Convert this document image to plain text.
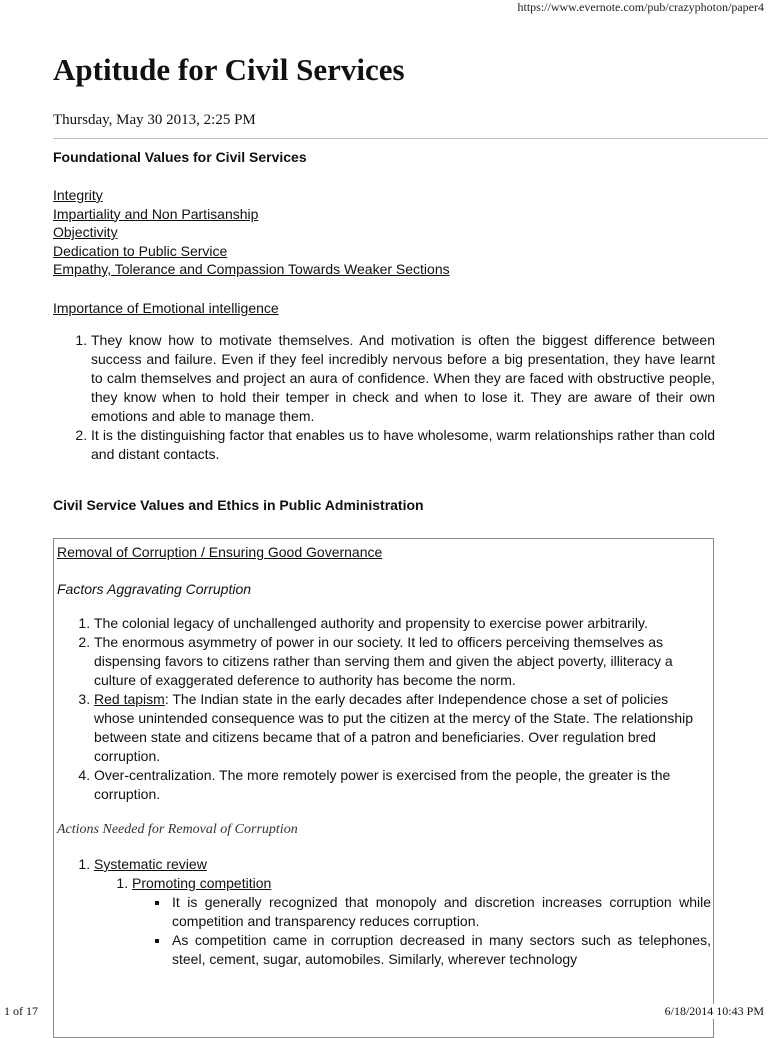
https://www.evernote.com/pub/crazyphoton/paper4
Aptitude for Civil Services
Thursday, May 30 2013, 2:25 PM

Foundational Values for Civil Services

Integrity
Impartiality and Non Partisanship
Objectivity
Dedication to Public Service
Empathy, Tolerance and Compassion Towards Weaker Sections
Importance of Emotional intelligence
1. They know how to motivate themselves. And motivation is often the biggest difference between success and failure. Even if they feel incredibly nervous before a big presentation, they have learnt to calm themselves and project an aura of confidence. When they are faced with obstructive people, they know when to hold their temper in check and when to lose it. They are aware of their own emotions and able to manage them.
2. It is the distinguishing factor that enables us to have wholesome, warm relationships rather than cold and distant contacts.

Civil Service Values and Ethics in Public Administration

Removal of Corruption / Ensuring Good Governance
Factors Aggravating Corruption
1. The colonial legacy of unchallenged authority and propensity to exercise power arbitrarily.
2. The enormous asymmetry of power in our society. It led to officers perceiving themselves as dispensing favors to citizens rather than serving them and given the abject poverty, illiteracy a culture of exaggerated deference to authority has become the norm.
3. Red tapism: The Indian state in the early decades after Independence chose a set of policies whose unintended consequence was to put the citizen at the mercy of the State. The relationship between state and citizens became that of a patron and beneficiaries. Over regulation bred corruption.
4. Over-centralization. The more remotely power is exercised from the people, the greater is the corruption.
Actions Needed for Removal of Corruption
1. Systematic review
1. Promoting competition
▪ It is generally recognized that monopoly and discretion increases corruption while competition and transparency reduces corruption.
▪ As competition came in corruption decreased in many sectors such as telephones, steel, cement, sugar, automobiles. Similarly, wherever technology
1 of 17	6/18/2014 10:43 PM
